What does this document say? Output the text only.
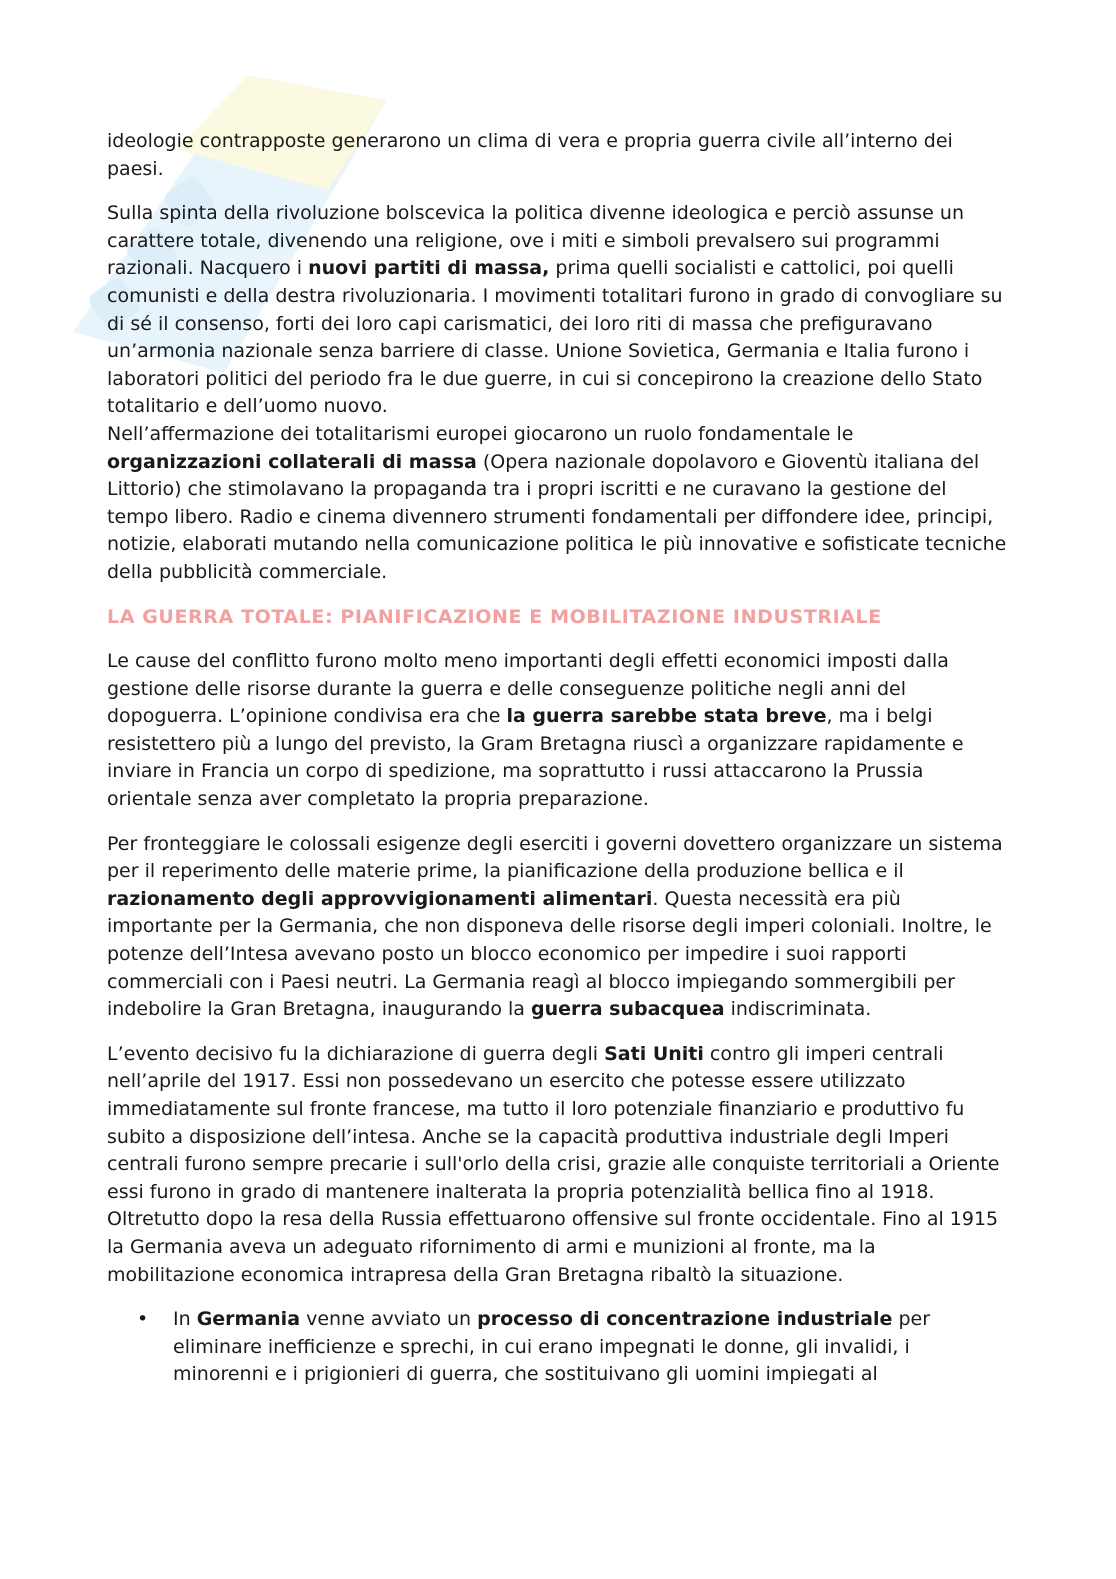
ideologie contrapposte generarono un clima di vera e propria guerra civile all’interno dei paesi.

Sulla spinta della rivoluzione bolscevica la politica divenne ideologica e perciò assunse un carattere totale, divenendo una religione, ove i miti e simboli prevalsero sui programmi razionali. Nacquero i nuovi partiti di massa, prima quelli socialisti e cattolici, poi quelli comunisti e della destra rivoluzionaria. I movimenti totalitari furono in grado di convogliare su di sé il consenso, forti dei loro capi carismatici, dei loro riti di massa che prefiguravano un’armonia nazionale senza barriere di classe. Unione Sovietica, Germania e Italia furono i laboratori politici del periodo fra le due guerre, in cui si concepirono la creazione dello Stato totalitario e dell’uomo nuovo.

Nell’affermazione dei totalitarismi europei giocarono un ruolo fondamentale le organizzazioni collaterali di massa (Opera nazionale dopolavoro e Gioventù italiana del Littorio) che stimolavano la propaganda tra i propri iscritti e ne curavano la gestione del tempo libero. Radio e cinema divennero strumenti fondamentali per diffondere idee, principi, notizie, elaborati mutando nella comunicazione politica le più innovative e sofisticate tecniche della pubblicità commerciale.

LA GUERRA TOTALE: PIANIFICAZIONE E MOBILITAZIONE INDUSTRIALE

Le cause del conflitto furono molto meno importanti degli effetti economici imposti dalla gestione delle risorse durante la guerra e delle conseguenze politiche negli anni del dopoguerra. L’opinione condivisa era che la guerra sarebbe stata breve, ma i belgi resistettero più a lungo del previsto, la Gram Bretagna riuscì a organizzare rapidamente e inviare in Francia un corpo di spedizione, ma soprattutto i russi attaccarono la Prussia orientale senza aver completato la propria preparazione.

Per fronteggiare le colossali esigenze degli eserciti i governi dovettero organizzare un sistema per il reperimento delle materie prime, la pianificazione della produzione bellica e il razionamento degli approvvigionamenti alimentari. Questa necessità era più importante per la Germania, che non disponeva delle risorse degli imperi coloniali. Inoltre, le potenze dell’Intesa avevano posto un blocco economico per impedire i suoi rapporti commerciali con i Paesi neutri. La Germania reagì al blocco impiegando sommergibili per indebolire la Gran Bretagna, inaugurando la guerra subacquea indiscriminata.

L’evento decisivo fu la dichiarazione di guerra degli Sati Uniti contro gli imperi centrali nell’aprile del 1917. Essi non possedevano un esercito che potesse essere utilizzato immediatamente sul fronte francese, ma tutto il loro potenziale finanziario e produttivo fu subito a disposizione dell’intesa. Anche se la capacità produttiva industriale degli Imperi centrali furono sempre precarie i sull'orlo della crisi, grazie alle conquiste territoriali a Oriente essi furono in grado di mantenere inalterata la propria potenzialità bellica fino al 1918. Oltretutto dopo la resa della Russia effettuarono offensive sul fronte occidentale. Fino al 1915 la Germania aveva un adeguato rifornimento di armi e munizioni al fronte, ma la mobilitazione economica intrapresa della Gran Bretagna ribaltò la situazione.

• In Germania venne avviato un processo di concentrazione industriale per eliminare inefficienze e sprechi, in cui erano impegnati le donne, gli invalidi, i minorenni e i prigionieri di guerra, che sostituivano gli uomini impiegati al
